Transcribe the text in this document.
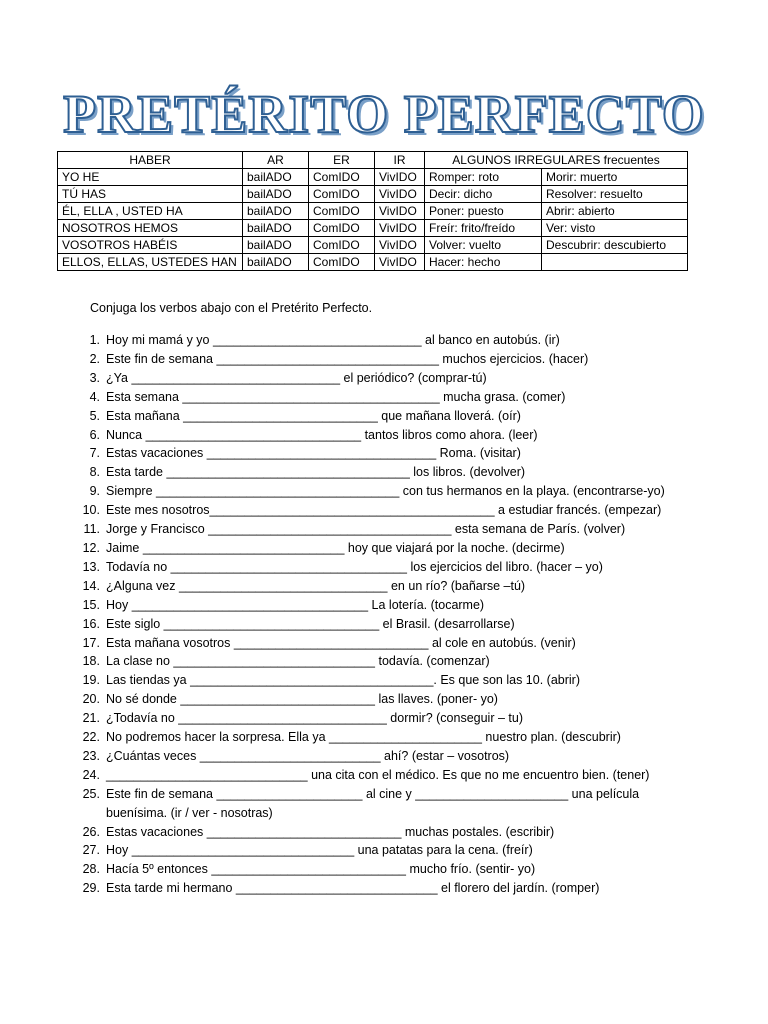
PRETÉRITO PERFECTO
HABER	AR	ER	IR	ALGUNOS IRREGULARES frecuentes	
YO HE	bailADO	ComIDO	VivIDO	Romper: roto	Morir: muerto
TÚ HAS	bailADO	ComIDO	VivIDO	Decir: dicho	Resolver: resuelto
ÉL, ELLA , USTED HA	bailADO	ComIDO	VivIDO	Poner: puesto	Abrir: abierto
NOSOTROS HEMOS	bailADO	ComIDO	VivIDO	Freír: frito/freído	Ver: visto
VOSOTROS HABÉIS	bailADO	ComIDO	VivIDO	Volver: vuelto	Descubrir: descubierto
ELLOS, ELLAS, USTEDES HAN	bailADO	ComIDO	VivIDO	Hacer: hecho	
Conjuga los verbos abajo con el Pretérito Perfecto.
1. Hoy mi mamá y yo ______________________________ al banco en autobús. (ir)
2. Este fin de semana ________________________________ muchos ejercicios. (hacer)
3. ¿Ya ______________________________ el periódico? (comprar-tú)
4. Esta semana _____________________________________ mucha grasa. (comer)
5. Esta mañana ____________________________ que mañana lloverá. (oír)
6. Nunca _______________________________ tantos libros como ahora. (leer)
7. Estas vacaciones _________________________________ Roma. (visitar)
8. Esta tarde ___________________________________ los libros. (devolver)
9. Siempre ___________________________________ con tus hermanos en la playa. (encontrarse-yo)
10. Este mes nosotros_________________________________________ a estudiar francés. (empezar)
11. Jorge y Francisco ___________________________________ esta semana de París. (volver)
12. Jaime _____________________________ hoy que viajará por la noche. (decirme)
13. Todavía no __________________________________ los ejercicios del libro. (hacer – yo)
14. ¿Alguna vez ______________________________ en un río? (bañarse –tú)
15. Hoy __________________________________ La lotería. (tocarme)
16. Este siglo _______________________________ el Brasil. (desarrollarse)
17. Esta mañana vosotros ____________________________ al cole en autobús. (venir)
18. La clase no _____________________________ todavía. (comenzar)
19. Las tiendas ya ___________________________________. Es que son las 10. (abrir)
20. No sé donde ____________________________ las llaves. (poner- yo)
21. ¿Todavía no ______________________________ dormir? (conseguir – tu)
22. No podremos hacer la sorpresa. Ella ya ______________________ nuestro plan. (descubrir)
23. ¿Cuántas veces __________________________ ahí? (estar – vosotros)
24. _____________________________ una cita con el médico. Es que no me encuentro bien. (tener)
25. Este fin de semana _____________________ al cine y ______________________ una película buenísima. (ir / ver - nosotras)
26. Estas vacaciones ____________________________ muchas postales. (escribir)
27. Hoy ________________________________ una patatas para la cena. (freír)
28. Hacía 5º entonces ____________________________ mucho frío. (sentir- yo)
29. Esta tarde mi hermano _____________________________ el florero del jardín. (romper)
